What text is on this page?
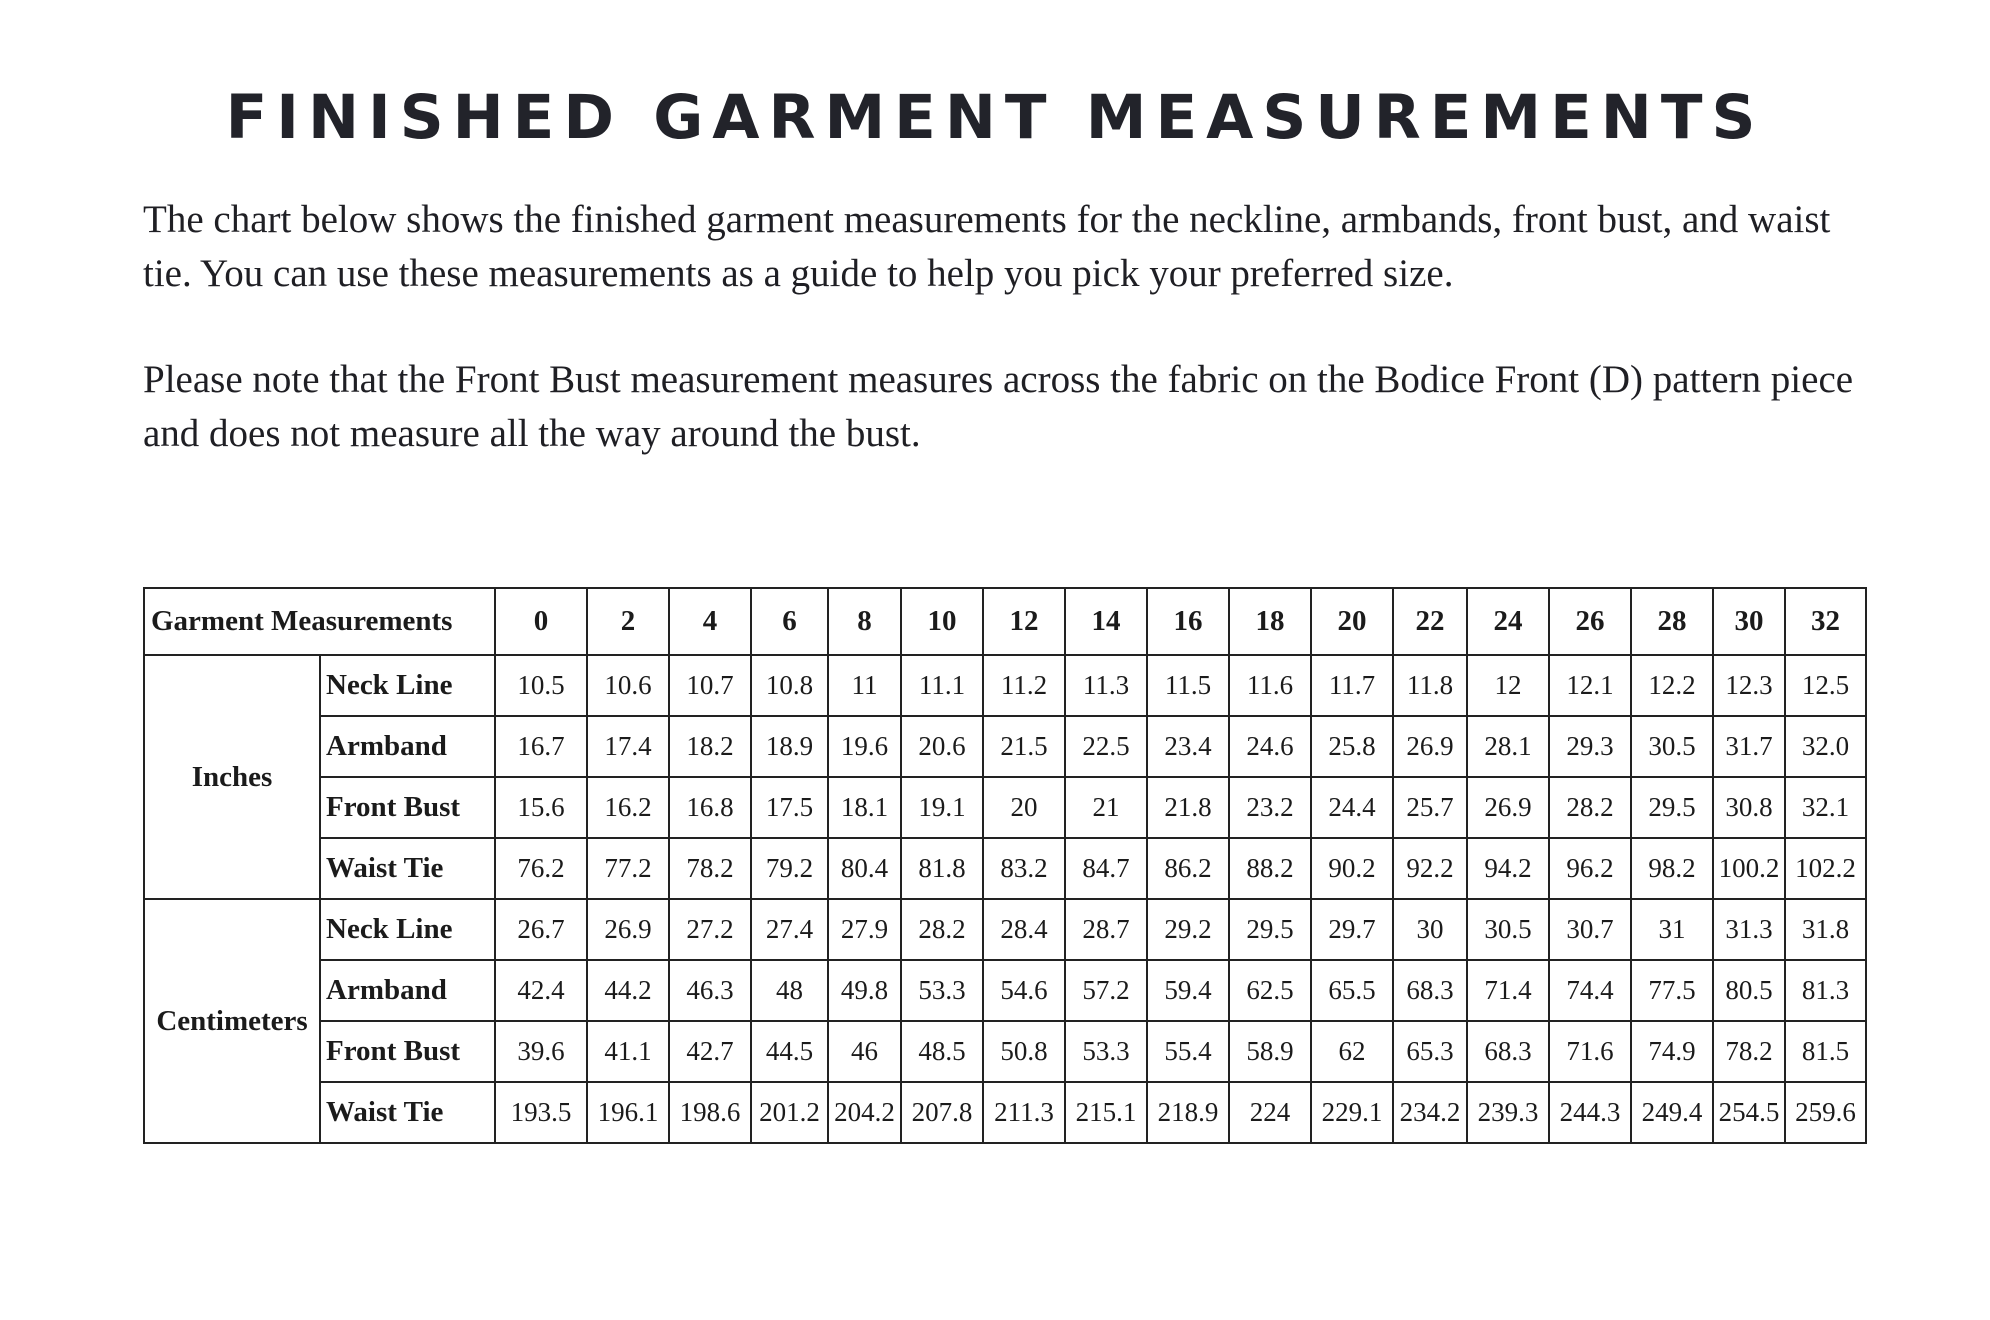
FINISHED GARMENT MEASUREMENTS

The chart below shows the finished garment measurements for the neckline, armbands, front bust, and waist tie. You can use these measurements as a guide to help you pick your preferred size.

Please note that the Front Bust measurement measures across the fabric on the Bodice Front (D) pattern piece and does not measure all the way around the bust.

Garment Measurements		0	2	4	6	8	10	12	14	16	18	20	22	24	26	28	30	32
Inches	Neck Line	10.5	10.6	10.7	10.8	11	11.1	11.2	11.3	11.5	11.6	11.7	11.8	12	12.1	12.2	12.3	12.5
	Armband	16.7	17.4	18.2	18.9	19.6	20.6	21.5	22.5	23.4	24.6	25.8	26.9	28.1	29.3	30.5	31.7	32.0
	Front Bust	15.6	16.2	16.8	17.5	18.1	19.1	20	21	21.8	23.2	24.4	25.7	26.9	28.2	29.5	30.8	32.1
	Waist Tie	76.2	77.2	78.2	79.2	80.4	81.8	83.2	84.7	86.2	88.2	90.2	92.2	94.2	96.2	98.2	100.2	102.2
Centimeters	Neck Line	26.7	26.9	27.2	27.4	27.9	28.2	28.4	28.7	29.2	29.5	29.7	30	30.5	30.7	31	31.3	31.8
	Armband	42.4	44.2	46.3	48	49.8	53.3	54.6	57.2	59.4	62.5	65.5	68.3	71.4	74.4	77.5	80.5	81.3
	Front Bust	39.6	41.1	42.7	44.5	46	48.5	50.8	53.3	55.4	58.9	62	65.3	68.3	71.6	74.9	78.2	81.5
	Waist Tie	193.5	196.1	198.6	201.2	204.2	207.8	211.3	215.1	218.9	224	229.1	234.2	239.3	244.3	249.4	254.5	259.6
